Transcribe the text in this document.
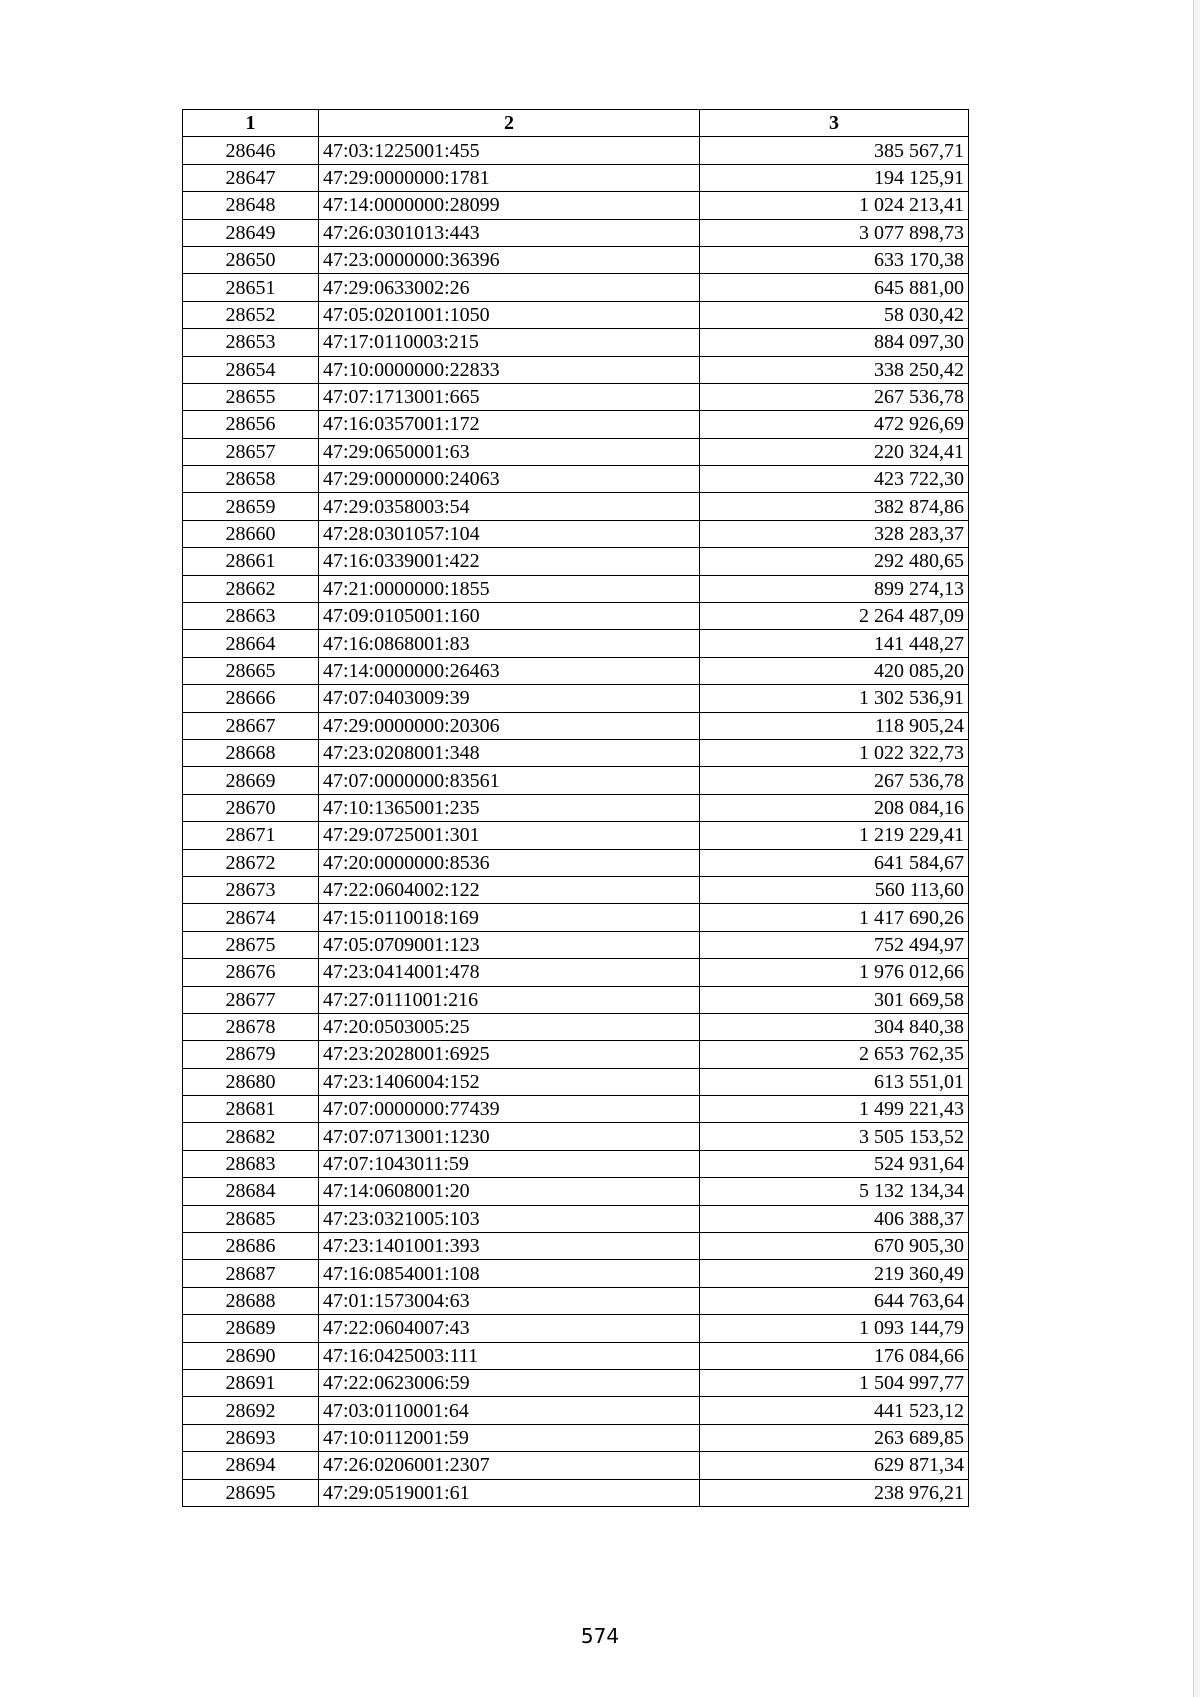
1	2	3
28646	47:03:1225001:455	385 567,71
28647	47:29:0000000:1781	194 125,91
28648	47:14:0000000:28099	1 024 213,41
28649	47:26:0301013:443	3 077 898,73
28650	47:23:0000000:36396	633 170,38
28651	47:29:0633002:26	645 881,00
28652	47:05:0201001:1050	58 030,42
28653	47:17:0110003:215	884 097,30
28654	47:10:0000000:22833	338 250,42
28655	47:07:1713001:665	267 536,78
28656	47:16:0357001:172	472 926,69
28657	47:29:0650001:63	220 324,41
28658	47:29:0000000:24063	423 722,30
28659	47:29:0358003:54	382 874,86
28660	47:28:0301057:104	328 283,37
28661	47:16:0339001:422	292 480,65
28662	47:21:0000000:1855	899 274,13
28663	47:09:0105001:160	2 264 487,09
28664	47:16:0868001:83	141 448,27
28665	47:14:0000000:26463	420 085,20
28666	47:07:0403009:39	1 302 536,91
28667	47:29:0000000:20306	118 905,24
28668	47:23:0208001:348	1 022 322,73
28669	47:07:0000000:83561	267 536,78
28670	47:10:1365001:235	208 084,16
28671	47:29:0725001:301	1 219 229,41
28672	47:20:0000000:8536	641 584,67
28673	47:22:0604002:122	560 113,60
28674	47:15:0110018:169	1 417 690,26
28675	47:05:0709001:123	752 494,97
28676	47:23:0414001:478	1 976 012,66
28677	47:27:0111001:216	301 669,58
28678	47:20:0503005:25	304 840,38
28679	47:23:2028001:6925	2 653 762,35
28680	47:23:1406004:152	613 551,01
28681	47:07:0000000:77439	1 499 221,43
28682	47:07:0713001:1230	3 505 153,52
28683	47:07:1043011:59	524 931,64
28684	47:14:0608001:20	5 132 134,34
28685	47:23:0321005:103	406 388,37
28686	47:23:1401001:393	670 905,30
28687	47:16:0854001:108	219 360,49
28688	47:01:1573004:63	644 763,64
28689	47:22:0604007:43	1 093 144,79
28690	47:16:0425003:111	176 084,66
28691	47:22:0623006:59	1 504 997,77
28692	47:03:0110001:64	441 523,12
28693	47:10:0112001:59	263 689,85
28694	47:26:0206001:2307	629 871,34
28695	47:29:0519001:61	238 976,21
574
